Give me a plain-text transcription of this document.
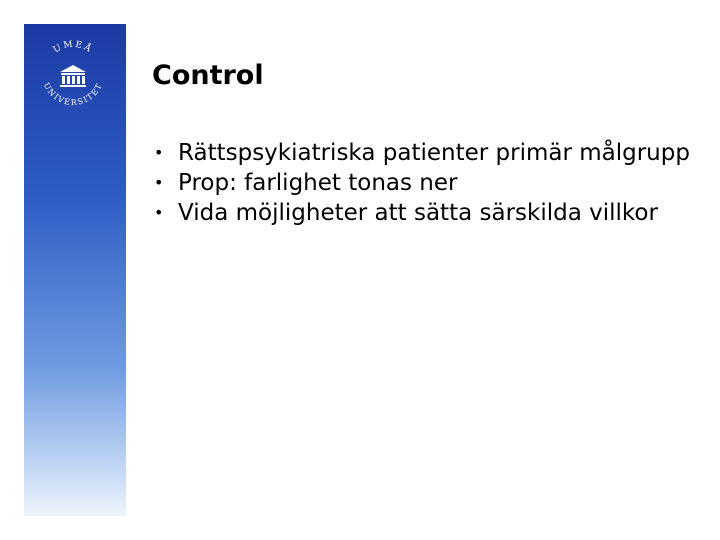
UMEÅ
UNIVERSITET Control
• Rättspsykiatriska patienter primär målgrupp
• Prop: farlighet tonas ner
• Vida möjligheter att sätta särskilda villkor
